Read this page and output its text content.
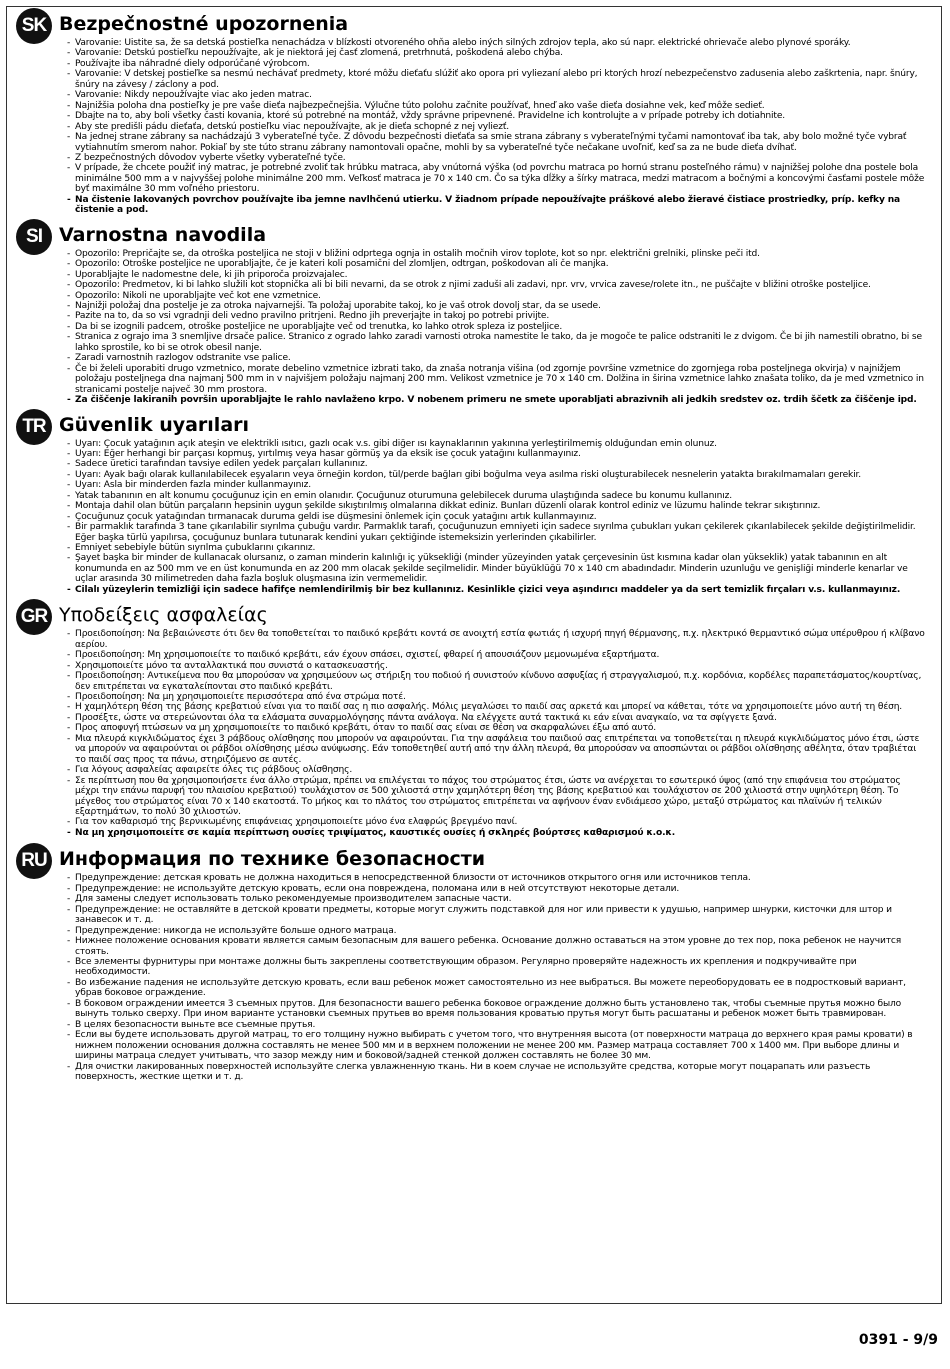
SK Bezpečnostné upozornenia
- Varovanie: Uistite sa, že sa detská postieľka nenachádza v blízkosti otvoreného ohňa alebo iných silných zdrojov tepla, ako sú napr. elektrické ohrievače alebo plynové sporáky.
- Varovanie: Detskú postieľku nepoužívajte, ak je niektorá jej časť zlomená, pretrhnutá, poškodená alebo chýba.
- Používajte iba náhradné diely odporúčané výrobcom.
- Varovanie: V detskej postieľke sa nesmú nechávať predmety, ktoré môžu dieťaťu slúžiť ako opora pri vyliezaní alebo pri ktorých hrozí nebezpečenstvo zadusenia alebo zaškrtenia, napr. šnúry, šnúry na závesy / záclony a pod.
- Varovanie: Nikdy nepoužívajte viac ako jeden matrac.
- Najnižšia poloha dna postieľky je pre vaše dieťa najbezpečnejšia. Výlučne túto polohu začnite používať, hneď ako vaše dieťa dosiahne vek, keď môže sedieť.
- Dbajte na to, aby boli všetky časti kovania, ktoré sú potrebné na montáž, vždy správne pripevnené. Pravidelne ich kontrolujte a v prípade potreby ich dotiahnite.
- Aby ste predišli pádu dieťaťa, detskú postieľku viac nepoužívajte, ak je dieťa schopné z nej vyliezť.
- Na jednej strane zábrany sa nachádzajú 3 vyberateľné tyče. Z dôvodu bezpečnosti dieťaťa sa smie strana zábrany s vyberateľnými tyčami namontovať iba tak, aby bolo možné tyče vybrať vytiahnutím smerom nahor. Pokiaľ by ste túto stranu zábrany namontovali opačne, mohli by sa vyberateľné tyče nečakane uvoľniť, keď sa za ne bude dieťa dvíhať.
- Z bezpečnostných dôvodov vyberte všetky vyberateľné tyče.
- V prípade, že chcete použiť iný matrac, je potrebné zvoliť tak hrúbku matraca, aby vnútorná výška (od povrchu matraca po hornú stranu posteľného rámu) v najnižšej polohe dna postele bola minimálne 500 mm a v najvyššej polohe minimálne 200 mm. Veľkosť matraca je 70 x 140 cm. Čo sa týka dĺžky a šírky matraca, medzi matracom a bočnými a koncovými časťami postele môže byť maximálne 30 mm voľného priestoru.
- Na čistenie lakovaných povrchov používajte iba jemne navlhčenú utierku. V žiadnom prípade nepoužívajte práškové alebo žieravé čistiace prostriedky, príp. kefky na čistenie a pod.
SI Varnostna navodila
- Opozorilo: Prepričajte se, da otroška posteljica ne stoji v bližini odprtega ognja in ostalih močnih virov toplote, kot so npr. električni grelniki, plinske peči itd.
- Opozorilo: Otroške posteljice ne uporabljajte, če je kateri koli posamični del zlomljen, odtrgan, poškodovan ali če manjka.
- Uporabljajte le nadomestne dele, ki jih priporoča proizvajalec.
- Opozorilo: Predmetov, ki bi lahko služili kot stopnička ali bi bili nevarni, da se otrok z njimi zaduši ali zadavi, npr. vrv, vrvica zavese/rolete itn., ne puščajte v bližini otroške posteljice.
- Opozorilo: Nikoli ne uporabljajte več kot ene vzmetnice.
- Najnižji položaj dna postelje je za otroka najvarnejši. Ta položaj uporabite takoj, ko je vaš otrok dovolj star, da se usede.
- Pazite na to, da so vsi vgradnji deli vedno pravilno pritrjeni. Redno jih preverjajte in takoj po potrebi privijte.
- Da bi se izognili padcem, otroške posteljice ne uporabljajte več od trenutka, ko lahko otrok spleza iz posteljice.
- Stranica z ograjo ima 3 snemljive drsače palice. Stranico z ogrado lahko zaradi varnosti otroka namestite le tako, da je mogoče te palice odstraniti le z dvigom. Če bi jih namestili obratno, bi se lahko sprostile, ko bi se otrok obesil nanje.
- Zaradi varnostnih razlogov odstranite vse palice.
- Če bi želeli uporabiti drugo vzmetnico, morate debelino vzmetnice izbrati tako, da znaša notranja višina (od zgornje površine vzmetnice do zgornjega roba posteljnega okvirja) v najnižjem položaju posteljnega dna najmanj 500 mm in v najvišjem položaju najmanj 200 mm. Velikost vzmetnice je 70 x 140 cm. Dolžina in širina vzmetnice lahko znašata toliko, da je med vzmetnico in stranicami postelje največ 30 mm prostora.
- Za čiščenje lakiranih površin uporabljajte le rahlo navlaženo krpo. V nobenem primeru ne smete uporabljati abrazivnih ali jedkih sredstev oz. trdih ščetk za čiščenje ipd.
TR Güvenlik uyarıları
- Uyarı: Çocuk yatağının açık ateşin ve elektrikli ısıtıcı, gazlı ocak v.s. gibi diğer ısı kaynaklarının yakınına yerleştirilmemiş olduğundan emin olunuz.
- Uyarı: Eğer herhangi bir parçası kopmuş, yırtılmış veya hasar görmüş ya da eksik ise çocuk yatağını kullanmayınız.
- Sadece üretici tarafından tavsiye edilen yedek parçaları kullanınız.
- Uyarı: Ayak bağı olarak kullanılabilecek eşyaların veya örneğin kordon, tül/perde bağları gibi boğulma veya asılma riski oluşturabilecek nesnelerin yatakta bırakılmamaları gerekir.
- Uyarı: Asla bir minderden fazla minder kullanmayınız.
- Yatak tabanının en alt konumu çocuğunuz için en emin olanıdır. Çocuğunuz oturumuna gelebilecek duruma ulaştığında sadece bu konumu kullanınız.
- Montaja dahil olan bütün parçaların hepsinin uygun şekilde sıkıştırılmış olmalarına dikkat ediniz. Bunları düzenli olarak kontrol ediniz ve lüzumu halinde tekrar sıkıştırınız.
- Çocuğunuz çocuk yatağından tırmanacak duruma geldi ise düşmesini önlemek için çocuk yatağını artık kullanmayınız.
- Bir parmaklık tarafında 3 tane çıkarılabilir sıyrılma çubuğu vardır. Parmaklık tarafı, çocuğunuzun emniyeti için sadece sıyrılma çubukları yukarı çekilerek çıkarılabilecek şekilde değiştirilmelidir. Eğer başka türlü yapılırsa, çocuğunuz bunlara tutunarak kendini yukarı çektiğinde istemeksizin yerlerinden çıkabilirler.
- Emniyet sebebiyle bütün sıyrılma çubuklarını çıkarınız.
- Şayet başka bir minder de kullanacak olursanız, o zaman minderin kalınlığı iç yüksekliği (minder yüzeyinden yatak çerçevesinin üst kısmına kadar olan yükseklik) yatak tabanının en alt konumunda en az 500 mm ve en üst konumunda en az 200 mm olacak şekilde seçilmelidir. Minder büyüklüğü 70 x 140 cm abadındadır. Minderin uzunluğu ve genişliği minderle kenarlar ve uçlar arasında 30 milimetreden daha fazla boşluk oluşmasına izin vermemelidir.
- Cilalı yüzeylerin temizliği için sadece hafifçe nemlendirilmiş bir bez kullanınız. Kesinlikle çizici veya aşındırıcı maddeler ya da sert temizlik fırçaları v.s. kullanmayınız.
GR Υποδείξεις ασφαλείας
- Προειδοποίηση: Να βεβαιώνεστε ότι δεν θα τοποθετείται το παιδικό κρεβάτι κοντά σε ανοιχτή εστία φωτιάς ή ισχυρή πηγή θέρμανσης, π.χ. ηλεκτρικό θερμαντικό σώμα υπέρυθρου ή κλίβανο αερίου.
- Προειδοποίηση: Μη χρησιμοποιείτε το παιδικό κρεβάτι, εάν έχουν σπάσει, σχιστεί, φθαρεί ή απουσιάζουν μεμονωμένα εξαρτήματα.
- Χρησιμοποιείτε μόνο τα ανταλλακτικά που συνιστά ο κατασκευαστής.
- Προειδοποίηση: Αντικείμενα που θα μπορούσαν να χρησιμεύουν ως στήριξη του ποδιού ή συνιστούν κίνδυνο ασφυξίας ή στραγγαλισμού, π.χ. κορδόνια, κορδέλες παραπετάσματος/κουρτίνας, δεν επιτρέπεται να εγκαταλείπονται στο παιδικό κρεβάτι.
- Προειδοποίηση: Να μη χρησιμοποιείτε περισσότερα από ένα στρώμα ποτέ.
- Η χαμηλότερη θέση της βάσης κρεβατιού είναι για το παιδί σας η πιο ασφαλής. Μόλις μεγαλώσει το παιδί σας αρκετά και μπορεί να κάθεται, τότε να χρησιμοποιείτε μόνο αυτή τη θέση.
- Προσέξτε, ώστε να στερεώνονται όλα τα ελάσματα συναρμολόγησης πάντα ανάλογα. Να ελέγχετε αυτά τακτικά κι εάν είναι αναγκαίο, να τα σφίγγετε ξανά.
- Προς αποφυγή πτώσεων να μη χρησιμοποιείτε το παιδικό κρεβάτι, όταν το παιδί σας είναι σε θέση να σκαρφαλώνει έξω από αυτό.
- Μια πλευρά κιγκλιδώματος έχει 3 ράβδους ολίσθησης που μπορούν να αφαιρούνται. Για την ασφάλεια του παιδιού σας επιτρέπεται να τοποθετείται η πλευρά κιγκλιδώματος μόνο έτσι, ώστε να μπορούν να αφαιρούνται οι ράβδοι ολίσθησης μέσω ανύψωσης. Εάν τοποθετηθεί αυτή από την άλλη πλευρά, θα μπορούσαν να αποσπώνται οι ράβδοι ολίσθησης αθέλητα, όταν τραβιέται το παιδί σας προς τα πάνω, στηριζόμενο σε αυτές.
- Για λόγους ασφαλείας αφαιρείτε όλες τις ράβδους ολίσθησης.
- Σε περίπτωση που θα χρησιμοποιήσετε ένα άλλο στρώμα, πρέπει να επιλέγεται το πάχος του στρώματος έτσι, ώστε να ανέρχεται το εσωτερικό ύψος (από την επιφάνεια του στρώματος μέχρι την επάνω παρυφή του πλαισίου κρεβατιού) τουλάχιστον σε 500 χιλιοστά στην χαμηλότερη θέση της βάσης κρεβατιού και τουλάχιστον σε 200 χιλιοστά στην υψηλότερη θέση. Το μέγεθος του στρώματος είναι 70 x 140 εκατοστά. Το μήκος και το πλάτος του στρώματος επιτρέπεται να αφήνουν έναν ενδιάμεσο χώρο, μεταξύ στρώματος και πλαϊνών ή τελικών εξαρτημάτων, το πολύ 30 χιλιοστών.
- Για τον καθαρισμό της βερνικωμένης επιφάνειας χρησιμοποιείτε μόνο ένα ελαφρώς βρεγμένο πανί.
- Να μη χρησιμοποιείτε σε καμία περίπτωση ουσίες τριψίματος, καυστικές ουσίες ή σκληρές βούρτσες καθαρισμού κ.ο.κ.
RU Информация по технике безопасности
- Предупреждение: детская кровать не должна находиться в непосредственной близости от источников открытого огня или источников тепла.
- Предупреждение: не используйте детскую кровать, если она повреждена, поломана или в ней отсутствуют некоторые детали.
- Для замены следует использовать только рекомендуемые производителем запасные части.
- Предупреждение: не оставляйте в детской кровати предметы, которые могут служить подставкой для ног или привести к удушью, например шнурки, кисточки для штор и занавесок и т. д.
- Предупреждение: никогда не используйте больше одного матраца.
- Нижнее положение основания кровати является самым безопасным для вашего ребенка. Основание должно оставаться на этом уровне до тех пор, пока ребенок не научится стоять.
- Все элементы фурнитуры при монтаже должны быть закреплены соответствующим образом. Регулярно проверяйте надежность их крепления и подкручивайте при необходимости.
- Во избежание падения не используйте детскую кровать, если ваш ребенок может самостоятельно из нее выбраться. Вы можете переоборудовать ее в подростковый вариант, убрав боковое ограждение.
- В боковом ограждении имеется 3 съемных прутов. Для безопасности вашего ребенка боковое ограждение должно быть установлено так, чтобы съемные прутья можно было вынуть только сверху. При ином варианте установки съемных прутьев во время пользования кроватью прутья могут быть расшатаны и ребенок может быть травмирован.
- В целях безопасности выньте все съемные прутья.
- Если вы будете использовать другой матрац, то его толщину нужно выбирать с учетом того, что внутренняя высота (от поверхности матраца до верхнего края рамы кровати) в нижнем положении основания должна составлять не менее 500 мм и в верхнем положении не менее 200 мм. Размер матраца составляет 700 x 1400 мм. При выборе длины и ширины матраца следует учитывать, что зазор между ним и боковой/задней стенкой должен составлять не более 30 мм.
- Для очистки лакированных поверхностей используйте слегка увлажненную ткань. Ни в коем случае не используйте средства, которые могут поцарапать или разъесть поверхность, жесткие щетки и т. д.
0391 - 9/9
